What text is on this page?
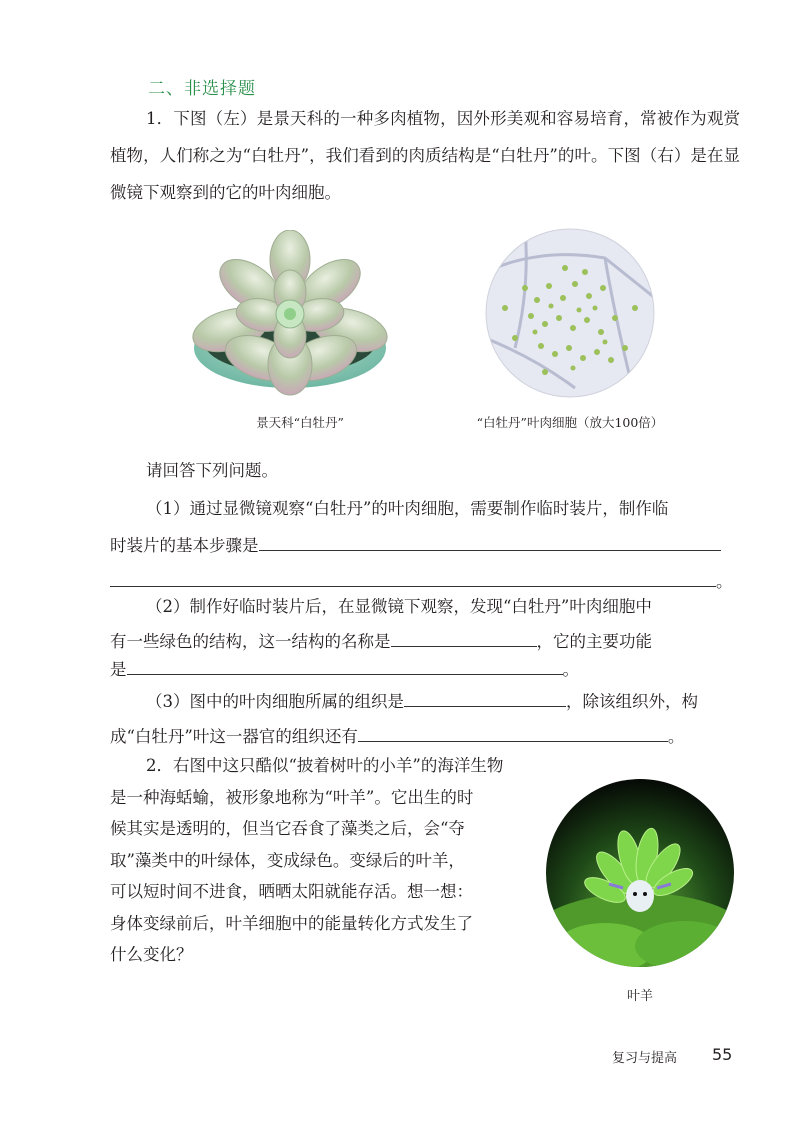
二、非选择题
1．下图（左）是景天科的一种多肉植物，因外形美观和容易培育，常被作为观赏植物，人们称之为“白牡丹”，我们看到的肉质结构是“白牡丹”的叶。下图（右）是在显微镜下观察到的它的叶肉细胞。
景天科“白牡丹”	“白牡丹”叶肉细胞（放大100倍）
请回答下列问题。
（1）通过显微镜观察“白牡丹”的叶肉细胞，需要制作临时装片，制作临
时装片的基本步骤是
。
（2）制作好临时装片后，在显微镜下观察，发现“白牡丹”叶肉细胞中
有一些绿色的结构，这一结构的名称是	，它的主要功能
是	。
（3）图中的叶肉细胞所属的组织是	，除该组织外，构
成“白牡丹”叶这一器官的组织还有	。
2．右图中这只酷似“披着树叶的小羊”的海洋生物
是一种海蛞蝓，被形象地称为“叶羊”。它出生的时
候其实是透明的，但当它吞食了藻类之后，会“夺
取”藻类中的叶绿体，变成绿色。变绿后的叶羊，
可以短时间不进食，晒晒太阳就能存活。想一想：
身体变绿前后，叶羊细胞中的能量转化方式发生了
什么变化？
叶羊
复习与提高 55
